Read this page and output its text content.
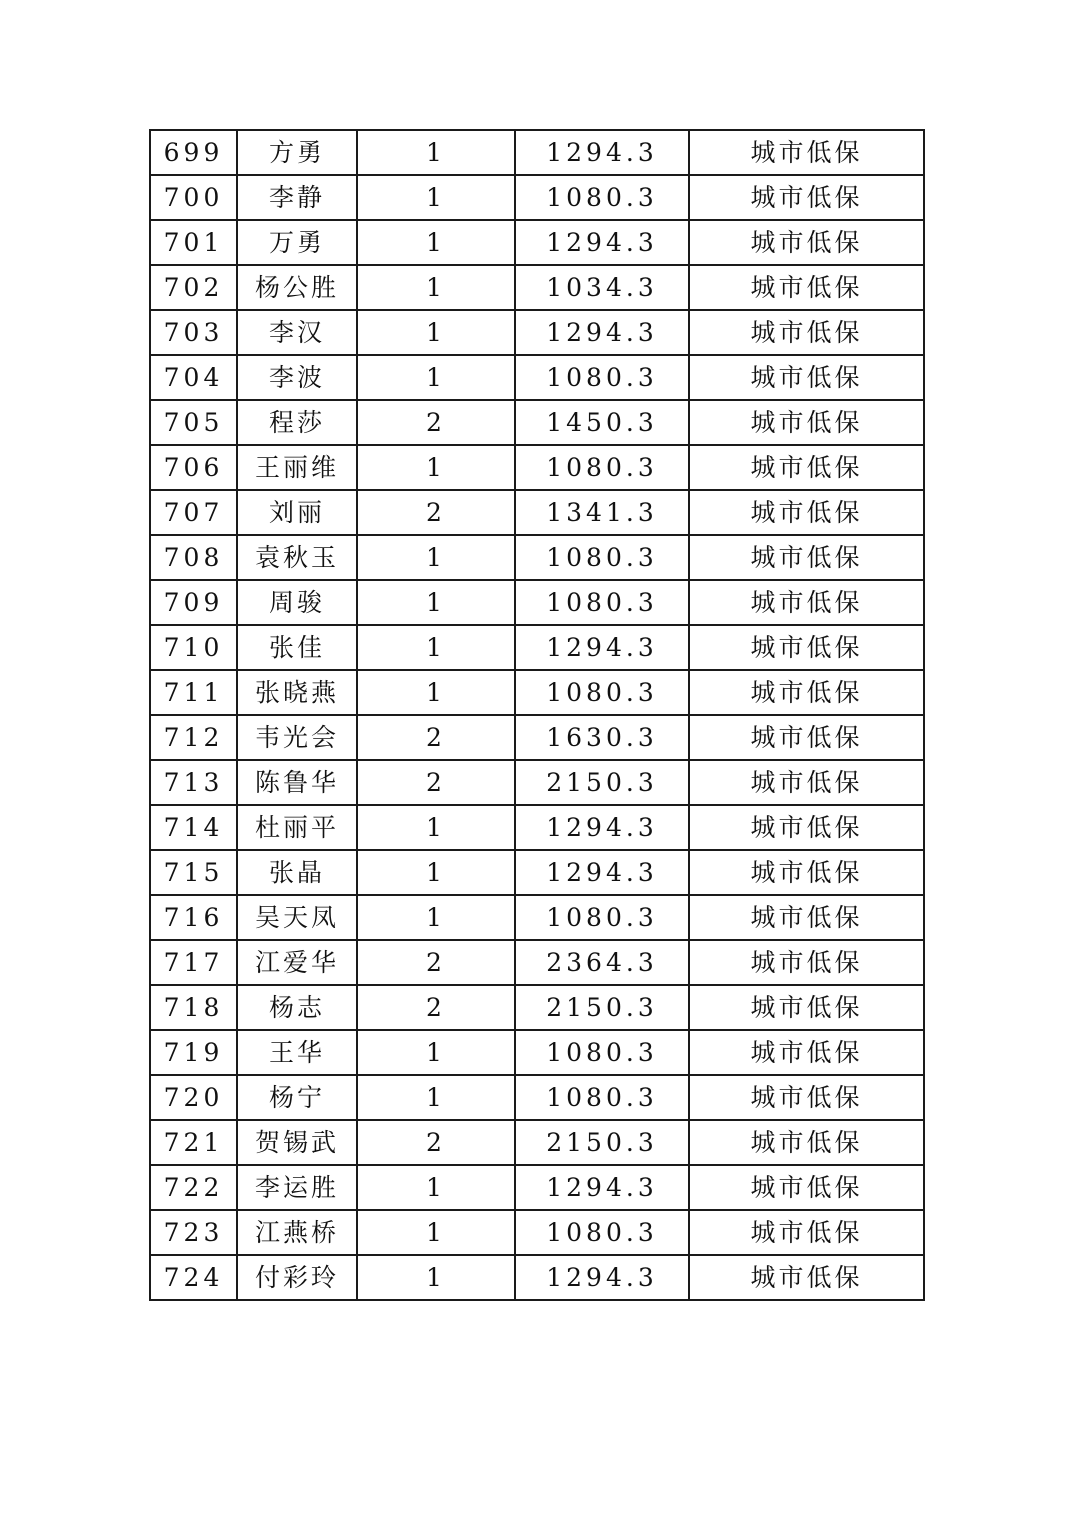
699	方勇	1	1294.3	城市低保
700	李静	1	1080.3	城市低保
701	万勇	1	1294.3	城市低保
702	杨公胜	1	1034.3	城市低保
703	李汉	1	1294.3	城市低保
704	李波	1	1080.3	城市低保
705	程莎	2	1450.3	城市低保
706	王丽维	1	1080.3	城市低保
707	刘丽	2	1341.3	城市低保
708	袁秋玉	1	1080.3	城市低保
709	周骏	1	1080.3	城市低保
710	张佳	1	1294.3	城市低保
711	张晓燕	1	1080.3	城市低保
712	韦光会	2	1630.3	城市低保
713	陈鲁华	2	2150.3	城市低保
714	杜丽平	1	1294.3	城市低保
715	张晶	1	1294.3	城市低保
716	吴天凤	1	1080.3	城市低保
717	江爱华	2	2364.3	城市低保
718	杨志	2	2150.3	城市低保
719	王华	1	1080.3	城市低保
720	杨宁	1	1080.3	城市低保
721	贺锡武	2	2150.3	城市低保
722	李运胜	1	1294.3	城市低保
723	江燕桥	1	1080.3	城市低保
724	付彩玲	1	1294.3	城市低保
